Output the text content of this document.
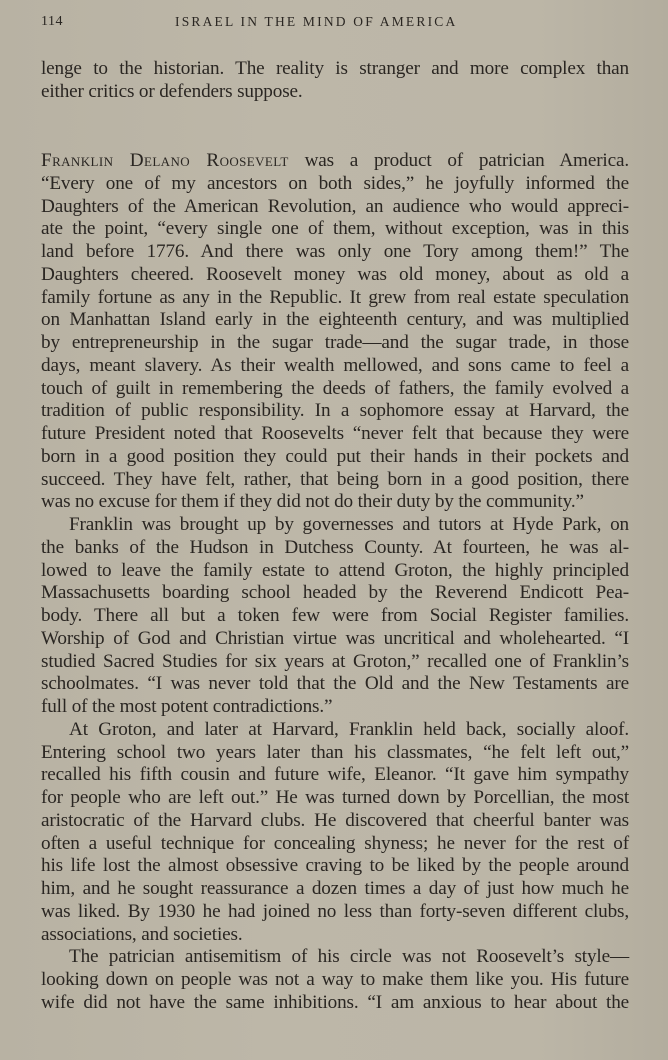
114	ISRAEL IN THE MIND OF AMERICA
lenge to the historian. The reality is stranger and more complex than
either critics or defenders suppose.
Franklin Delano Roosevelt was a product of patrician America.
“Every one of my ancestors on both sides,” he joyfully informed the
Daughters of the American Revolution, an audience who would appreci-
ate the point, “every single one of them, without exception, was in this
land before 1776. And there was only one Tory among them!” The
Daughters cheered. Roosevelt money was old money, about as old a
family fortune as any in the Republic. It grew from real estate speculation
on Manhattan Island early in the eighteenth century, and was multiplied
by entrepreneurship in the sugar trade—and the sugar trade, in those
days, meant slavery. As their wealth mellowed, and sons came to feel a
touch of guilt in remembering the deeds of fathers, the family evolved a
tradition of public responsibility. In a sophomore essay at Harvard, the
future President noted that Roosevelts “never felt that because they were
born in a good position they could put their hands in their pockets and
succeed. They have felt, rather, that being born in a good position, there
was no excuse for them if they did not do their duty by the community.”
Franklin was brought up by governesses and tutors at Hyde Park, on
the banks of the Hudson in Dutchess County. At fourteen, he was al-
lowed to leave the family estate to attend Groton, the highly principled
Massachusetts boarding school headed by the Reverend Endicott Pea-
body. There all but a token few were from Social Register families.
Worship of God and Christian virtue was uncritical and wholehearted. “I
studied Sacred Studies for six years at Groton,” recalled one of Franklin’s
schoolmates. “I was never told that the Old and the New Testaments are
full of the most potent contradictions.”
At Groton, and later at Harvard, Franklin held back, socially aloof.
Entering school two years later than his classmates, “he felt left out,”
recalled his fifth cousin and future wife, Eleanor. “It gave him sympathy
for people who are left out.” He was turned down by Porcellian, the most
aristocratic of the Harvard clubs. He discovered that cheerful banter was
often a useful technique for concealing shyness; he never for the rest of
his life lost the almost obsessive craving to be liked by the people around
him, and he sought reassurance a dozen times a day of just how much he
was liked. By 1930 he had joined no less than forty-seven different clubs,
associations, and societies.
The patrician antisemitism of his circle was not Roosevelt’s style—
looking down on people was not a way to make them like you. His future
wife did not have the same inhibitions. “I am anxious to hear about the
